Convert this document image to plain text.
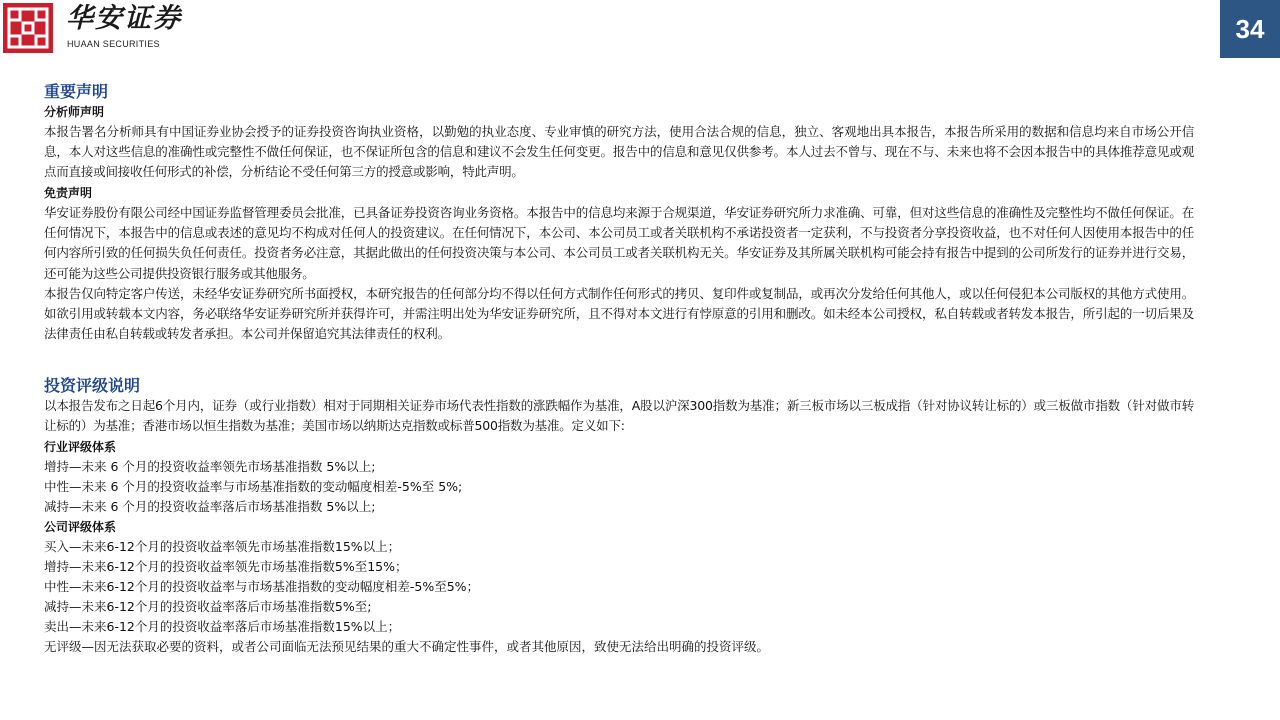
华安证券
HUAAN SECURITIES	34
重要声明
分析师声明
本报告署名分析师具有中国证券业协会授予的证券投资咨询执业资格，以勤勉的执业态度、专业审慎的研究方法，使用合法合规的信息，独立、客观地出具本报告，本报告所采用的数据和信息均来自市场公开信息，本人对这些信息的准确性或完整性不做任何保证，也不保证所包含的信息和建议不会发生任何变更。报告中的信息和意见仅供参考。本人过去不曾与、现在不与、未来也将不会因本报告中的具体推荐意见或观点而直接或间接收任何形式的补偿，分析结论不受任何第三方的授意或影响，特此声明。
免责声明
华安证券股份有限公司经中国证券监督管理委员会批准，已具备证券投资咨询业务资格。本报告中的信息均来源于合规渠道，华安证券研究所力求准确、可靠，但对这些信息的准确性及完整性均不做任何保证。在任何情况下，本报告中的信息或表述的意见均不构成对任何人的投资建议。在任何情况下，本公司、本公司员工或者关联机构不承诺投资者一定获利，不与投资者分享投资收益，也不对任何人因使用本报告中的任何内容所引致的任何损失负任何责任。投资者务必注意，其据此做出的任何投资决策与本公司、本公司员工或者关联机构无关。华安证券及其所属关联机构可能会持有报告中提到的公司所发行的证券并进行交易，还可能为这些公司提供投资银行服务或其他服务。
本报告仅向特定客户传送，未经华安证券研究所书面授权，本研究报告的任何部分均不得以任何方式制作任何形式的拷贝、复印件或复制品，或再次分发给任何其他人，或以任何侵犯本公司版权的其他方式使用。如欲引用或转载本文内容，务必联络华安证券研究所并获得许可，并需注明出处为华安证券研究所，且不得对本文进行有悖原意的引用和删改。如未经本公司授权，私自转载或者转发本报告，所引起的一切后果及法律责任由私自转载或转发者承担。本公司并保留追究其法律责任的权利。
投资评级说明
以本报告发布之日起6个月内，证券（或行业指数）相对于同期相关证券市场代表性指数的涨跌幅作为基准，A股以沪深300指数为基准；新三板市场以三板成指（针对协议转让标的）或三板做市指数（针对做市转让标的）为基准；香港市场以恒生指数为基准；美国市场以纳斯达克指数或标普500指数为基准。定义如下:
行业评级体系
增持—未来 6 个月的投资收益率领先市场基准指数 5%以上;
中性—未来 6 个月的投资收益率与市场基准指数的变动幅度相差-5%至 5%;
减持—未来 6 个月的投资收益率落后市场基准指数 5%以上;
公司评级体系
买入—未来6-12个月的投资收益率领先市场基准指数15%以上；
增持—未来6-12个月的投资收益率领先市场基准指数5%至15%；
中性—未来6-12个月的投资收益率与市场基准指数的变动幅度相差-5%至5%；
减持—未来6-12个月的投资收益率落后市场基准指数5%至;
卖出—未来6-12个月的投资收益率落后市场基准指数15%以上；
无评级—因无法获取必要的资料，或者公司面临无法预见结果的重大不确定性事件，或者其他原因，致使无法给出明确的投资评级。
